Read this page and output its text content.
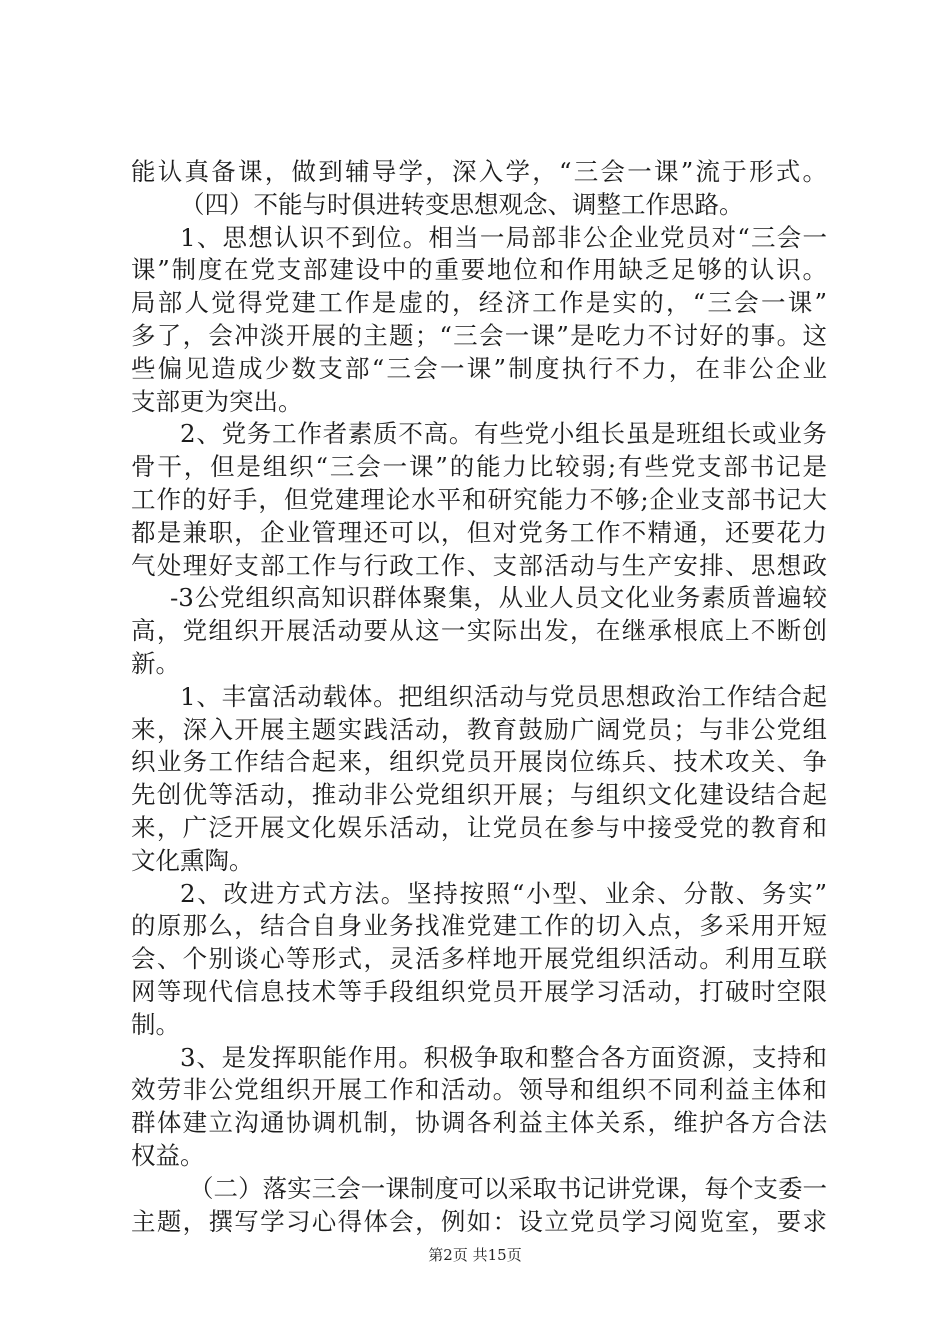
能认真备课，做到辅导学，深入学，“三会一课”流于形式。
（四）不能与时俱进转变思想观念、调整工作思路。
1、思想认识不到位。相当一局部非公企业党员对“三会一
课”制度在党支部建设中的重要地位和作用缺乏足够的认识。
局部人觉得党建工作是虚的，经济工作是实的，“三会一课”
多了，会冲淡开展的主题；“三会一课”是吃力不讨好的事。这
些偏见造成少数支部“三会一课”制度执行不力，在非公企业
支部更为突出。
2、党务工作者素质不高。有些党小组长虽是班组长或业务
骨干，但是组织“三会一课”的能力比较弱;有些党支部书记是
工作的好手，但党建理论水平和研究能力不够;企业支部书记大
都是兼职，企业管理还可以，但对党务工作不精通，还要花力
气处理好支部工作与行政工作、支部活动与生产安排、思想政
-3公党组织高知识群体聚集，从业人员文化业务素质普遍较
高，党组织开展活动要从这一实际出发，在继承根底上不断创
新。
1、丰富活动载体。把组织活动与党员思想政治工作结合起
来，深入开展主题实践活动，教育鼓励广阔党员；与非公党组
织业务工作结合起来，组织党员开展岗位练兵、技术攻关、争
先创优等活动，推动非公党组织开展；与组织文化建设结合起
来，广泛开展文化娱乐活动，让党员在参与中接受党的教育和
文化熏陶。
2、改进方式方法。坚持按照“小型、业余、分散、务实”
的原那么，结合自身业务找准党建工作的切入点，多采用开短
会、个别谈心等形式，灵活多样地开展党组织活动。利用互联
网等现代信息技术等手段组织党员开展学习活动，打破时空限
制。
3、是发挥职能作用。积极争取和整合各方面资源，支持和
效劳非公党组织开展工作和活动。领导和组织不同利益主体和
群体建立沟通协调机制，协调各利益主体关系，维护各方合法
权益。
（二）落实三会一课制度可以采取书记讲党课，每个支委一
主题，撰写学习心得体会，例如：设立党员学习阅览室，要求
第2页 共15页
